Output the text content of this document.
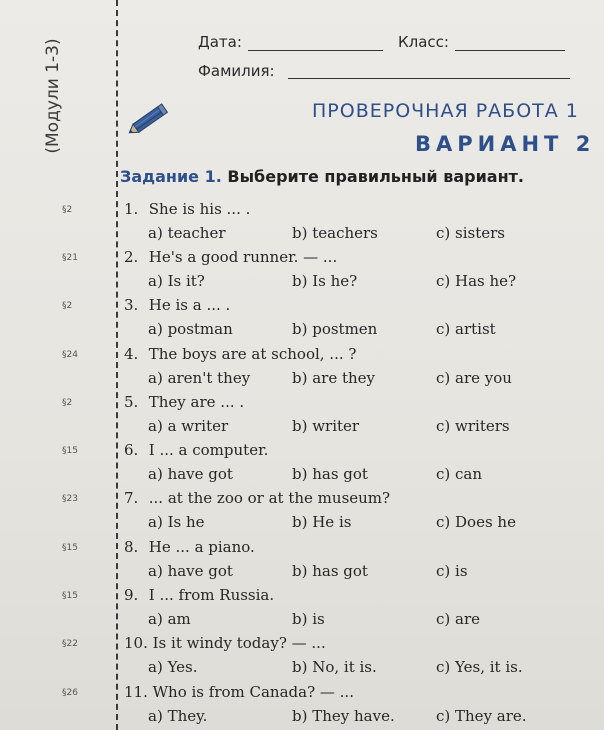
(Модули 1-3)	Дата:	Класс:
Фамилия:
ПРОВЕРОЧНАЯ РАБОТА 1
ВАРИАНТ 2
Задание 1. Выберите правильный вариант.
§2	1. She is his ... .
a) teacher	b) teachers	c) sisters
§21	2. He's a good runner. — ...
a) Is it?	b) Is he?	c) Has he?
§2	3. He is a ... .
a) postman	b) postmen	c) artist
§24	4. The boys are at school, ... ?
a) aren't they	b) are they	c) are you
§2	5. They are ... .
a) a writer	b) writer	c) writers
§15	6. I ... a computer.
a) have got	b) has got	c) can
§23	7. ... at the zoo or at the museum?
a) Is he	b) He is	c) Does he
§15	8. He ... a piano.
a) have got	b) has got	c) is
§15	9. I ... from Russia.
a) am	b) is	c) are
§22	10. Is it windy today? — ...
a) Yes.	b) No, it is.	c) Yes, it is.
§26	11. Who is from Canada? — ...
a) They.	b) They have.	c) They are.
